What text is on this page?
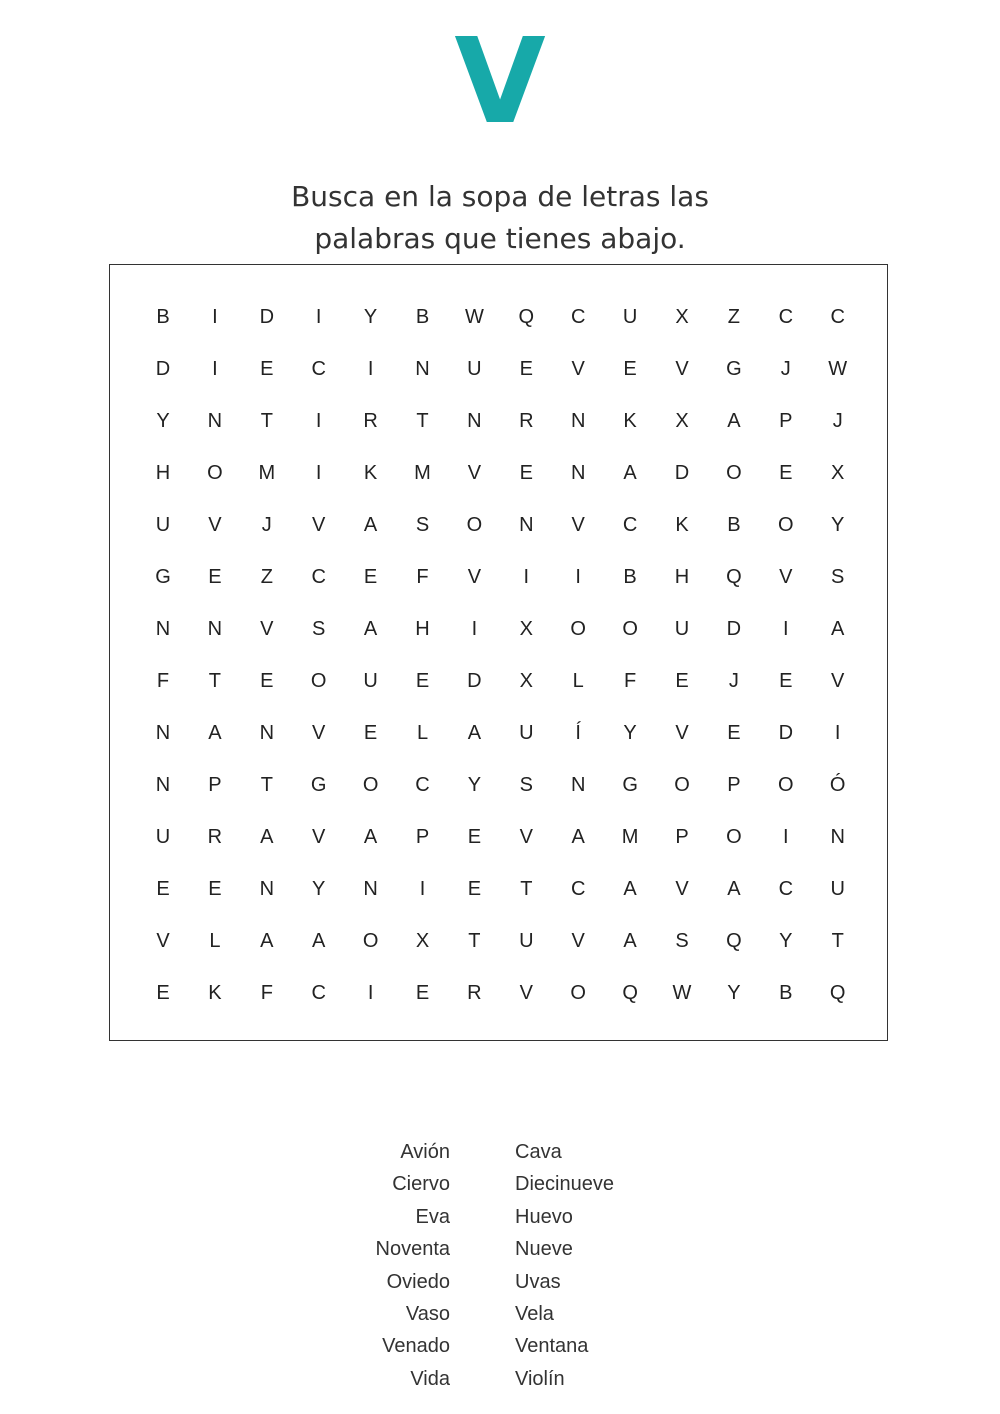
V
Busca en la sopa de letras las
palabras que tienes abajo.
B	I	D	I	Y	B	W	Q	C	U	X	Z	C	C
D	I	E	C	I	N	U	E	V	E	V	G	J	W
Y	N	T	I	R	T	N	R	N	K	X	A	P	J
H	O	M	I	K	M	V	E	N	A	D	O	E	X
U	V	J	V	A	S	O	N	V	C	K	B	O	Y
G	E	Z	C	E	F	V	I	I	B	H	Q	V	S
N	N	V	S	A	H	I	X	O	O	U	D	I	A
F	T	E	O	U	E	D	X	L	F	E	J	E	V
N	A	N	V	E	L	A	U	Í	Y	V	E	D	I
N	P	T	G	O	C	Y	S	N	G	O	P	O	Ó
U	R	A	V	A	P	E	V	A	M	P	O	I	N
E	E	N	Y	N	I	E	T	C	A	V	A	C	U
V	L	A	A	O	X	T	U	V	A	S	Q	Y	T
E	K	F	C	I	E	R	V	O	Q	W	Y	B	Q
Avión
Ciervo
Eva
Noventa
Oviedo
Vaso
Venado
Vida
Cava
Diecinueve
Huevo
Nueve
Uvas
Vela
Ventana
Violín
